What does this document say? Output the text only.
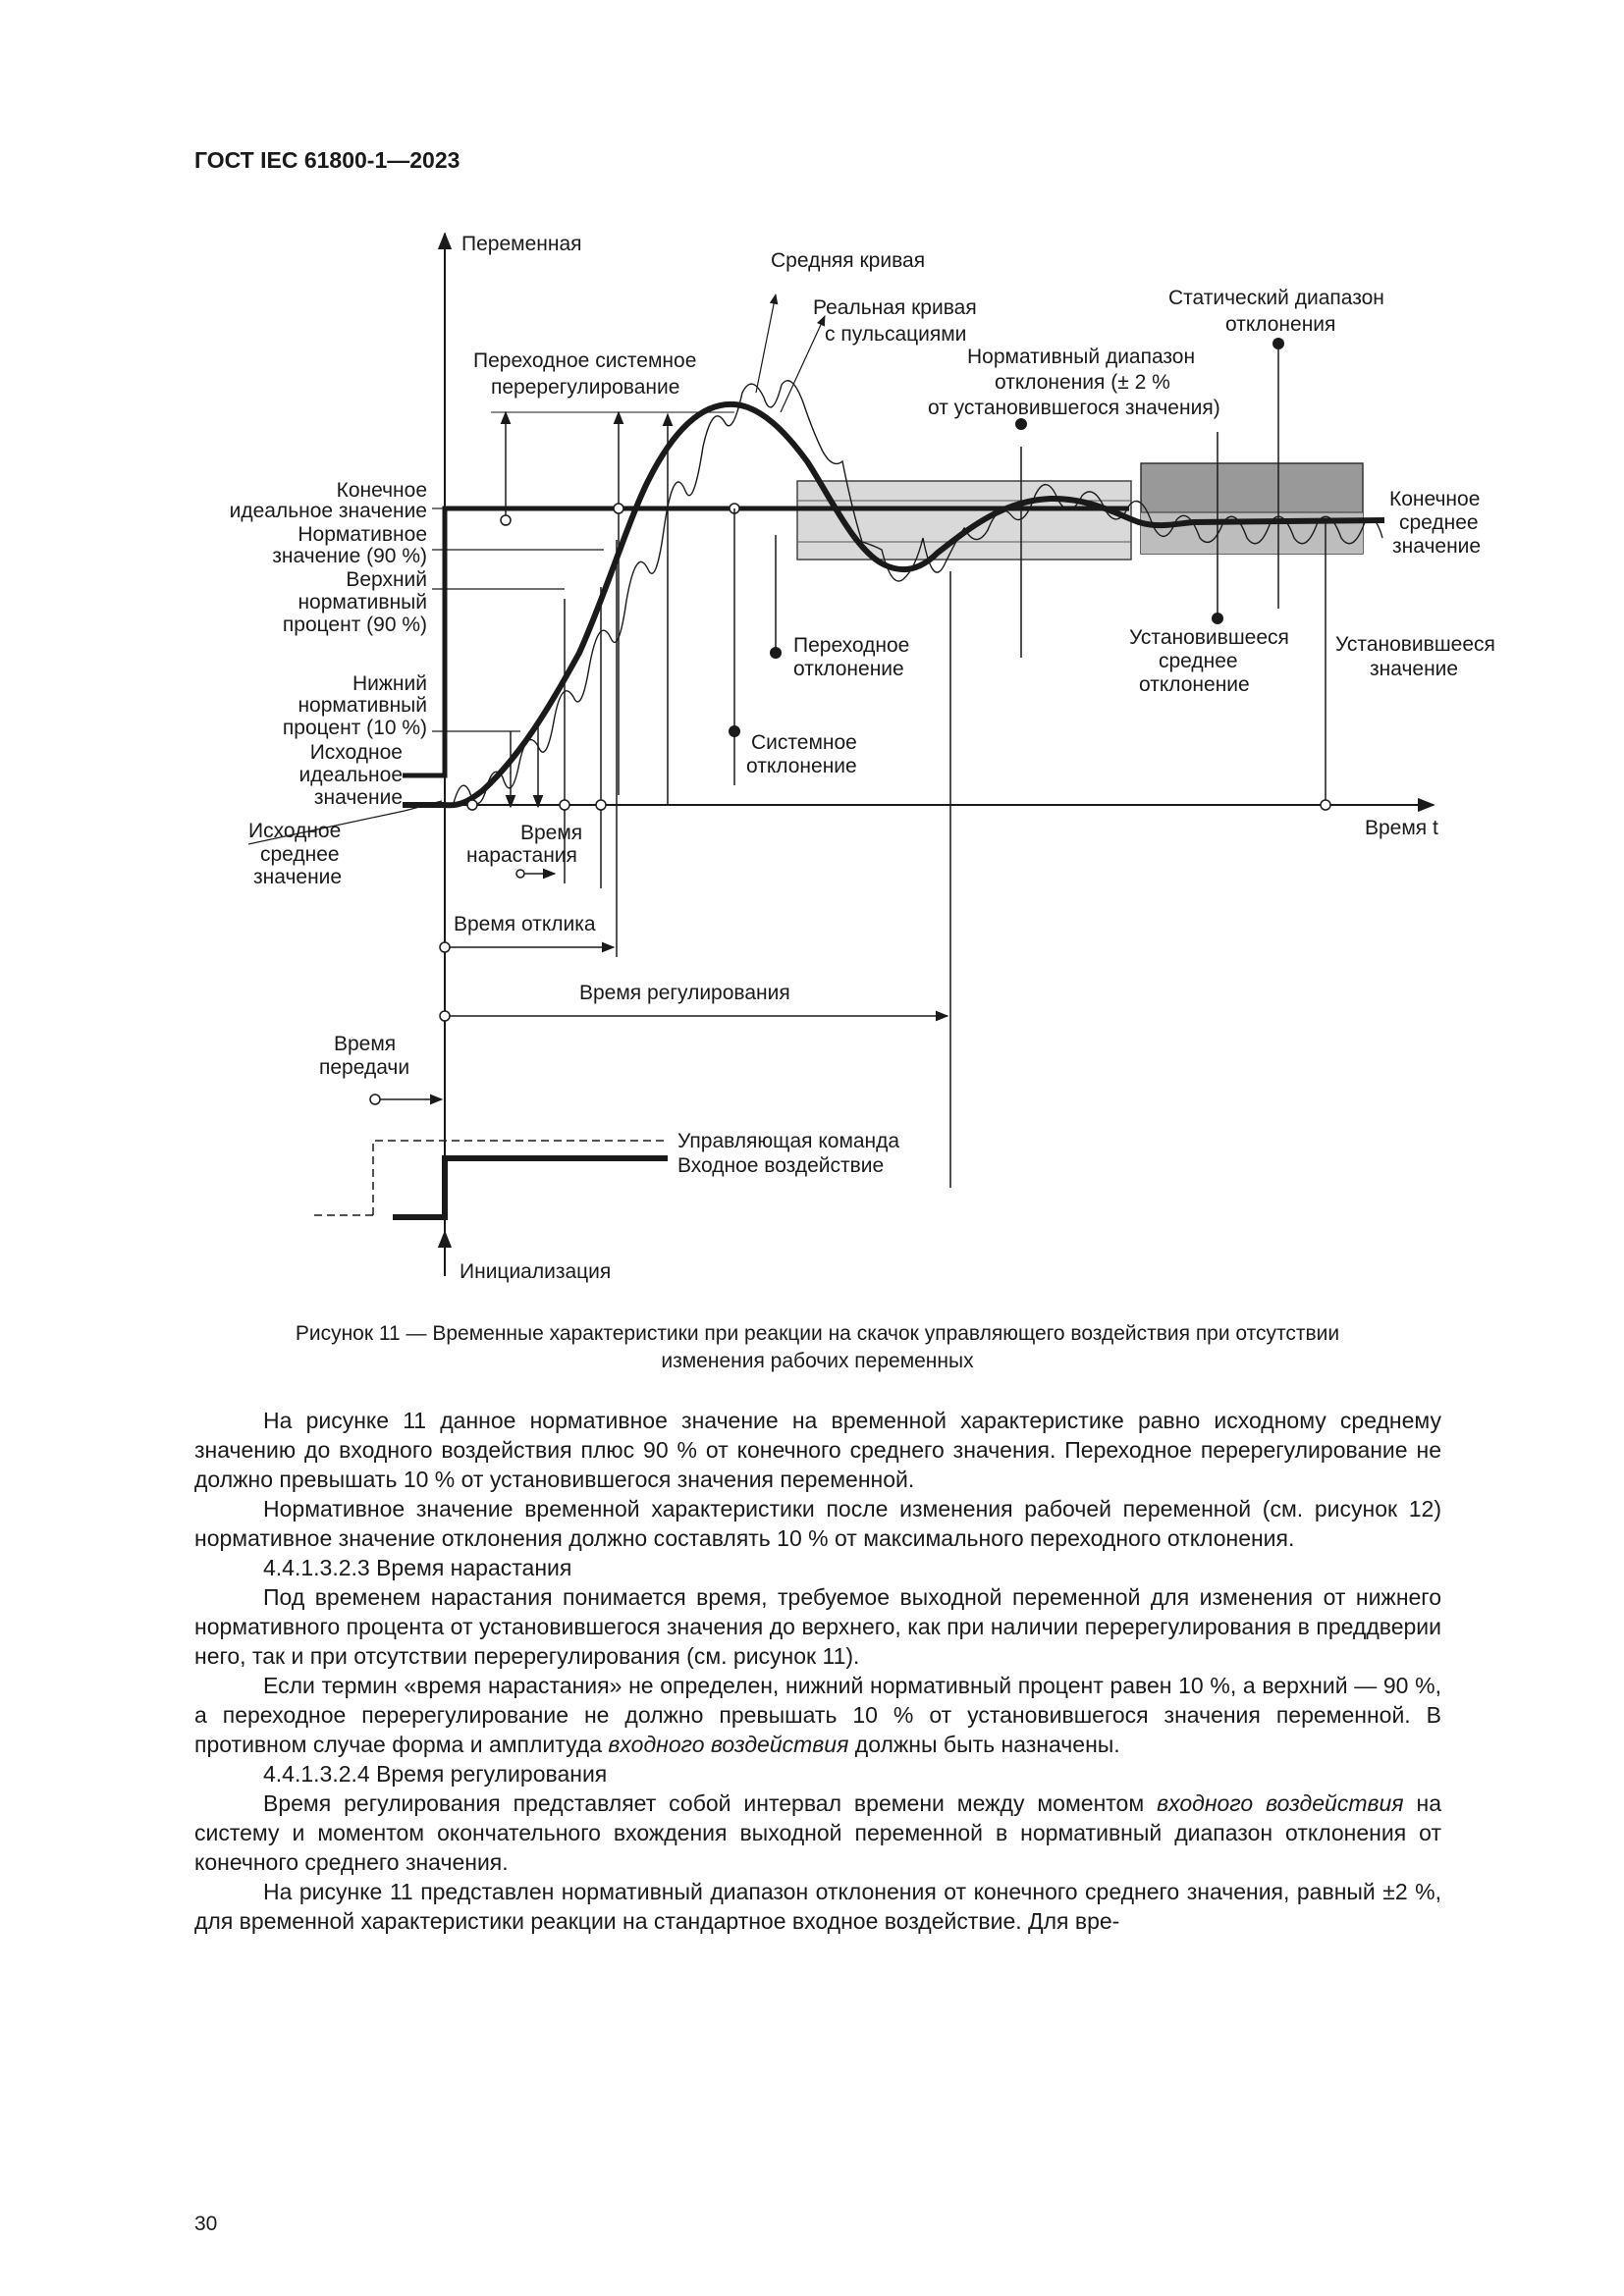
ГОСТ IEC 61800-1—2023
Переменная
Время t
Средняя кривая
Реальная кривая
с пульсациями
Переходное системное
перерегулирование
Статический диапазон
отклонения
Нормативный диапазон
отклонения (± 2 %
от установившегося значения)
Конечное
идеальное значение
Нормативное
значение (90 %)
Верхний
нормативный
процент (90 %)
Нижний
нормативный
процент (10 %)
Исходное
идеальное
значение
Исходное
среднее
значение
Конечное
среднее
значение
Переходное
отклонение
Системное
отклонение
Установившееся
среднее
отклонение
Установившееся
значение
Время
нарастания
Время отклика
Время регулирования
Время
передачи
Управляющая команда
Входное воздействие
Инициализация
Рисунок 11 — Временные характеристики при реакции на скачок управляющего воздействия при отсутствии
изменения рабочих переменных

На рисунке 11 данное нормативное значение на временной характеристике равно исходному среднему значению до входного воздействия плюс 90 % от конечного среднего значения. Переходное перерегулирование не должно превышать 10 % от установившегося значения переменной.

Нормативное значение временной характеристики после изменения рабочей переменной (см. рисунок 12) нормативное значение отклонения должно составлять 10 % от максимального переходного отклонения.

4.4.1.3.2.3 Время нарастания

Под временем нарастания понимается время, требуемое выходной переменной для изменения от нижнего нормативного процента от установившегося значения до верхнего, как при наличии перерегулирования в преддверии него, так и при отсутствии перерегулирования (см. рисунок 11).

Если термин «время нарастания» не определен, нижний нормативный процент равен 10 %, а верхний — 90 %, а переходное перерегулирование не должно превышать 10 % от установившегося значения переменной. В противном случае форма и амплитуда входного воздействия должны быть назначены.

4.4.1.3.2.4 Время регулирования

Время регулирования представляет собой интервал времени между моментом входного воздействия на систему и моментом окончательного вхождения выходной переменной в нормативный диапазон отклонения от конечного среднего значения.

На рисунке 11 представлен нормативный диапазон отклонения от конечного среднего значения, равный ±2 %, для временной характеристики реакции на стандартное входное воздействие. Для вре-

30
